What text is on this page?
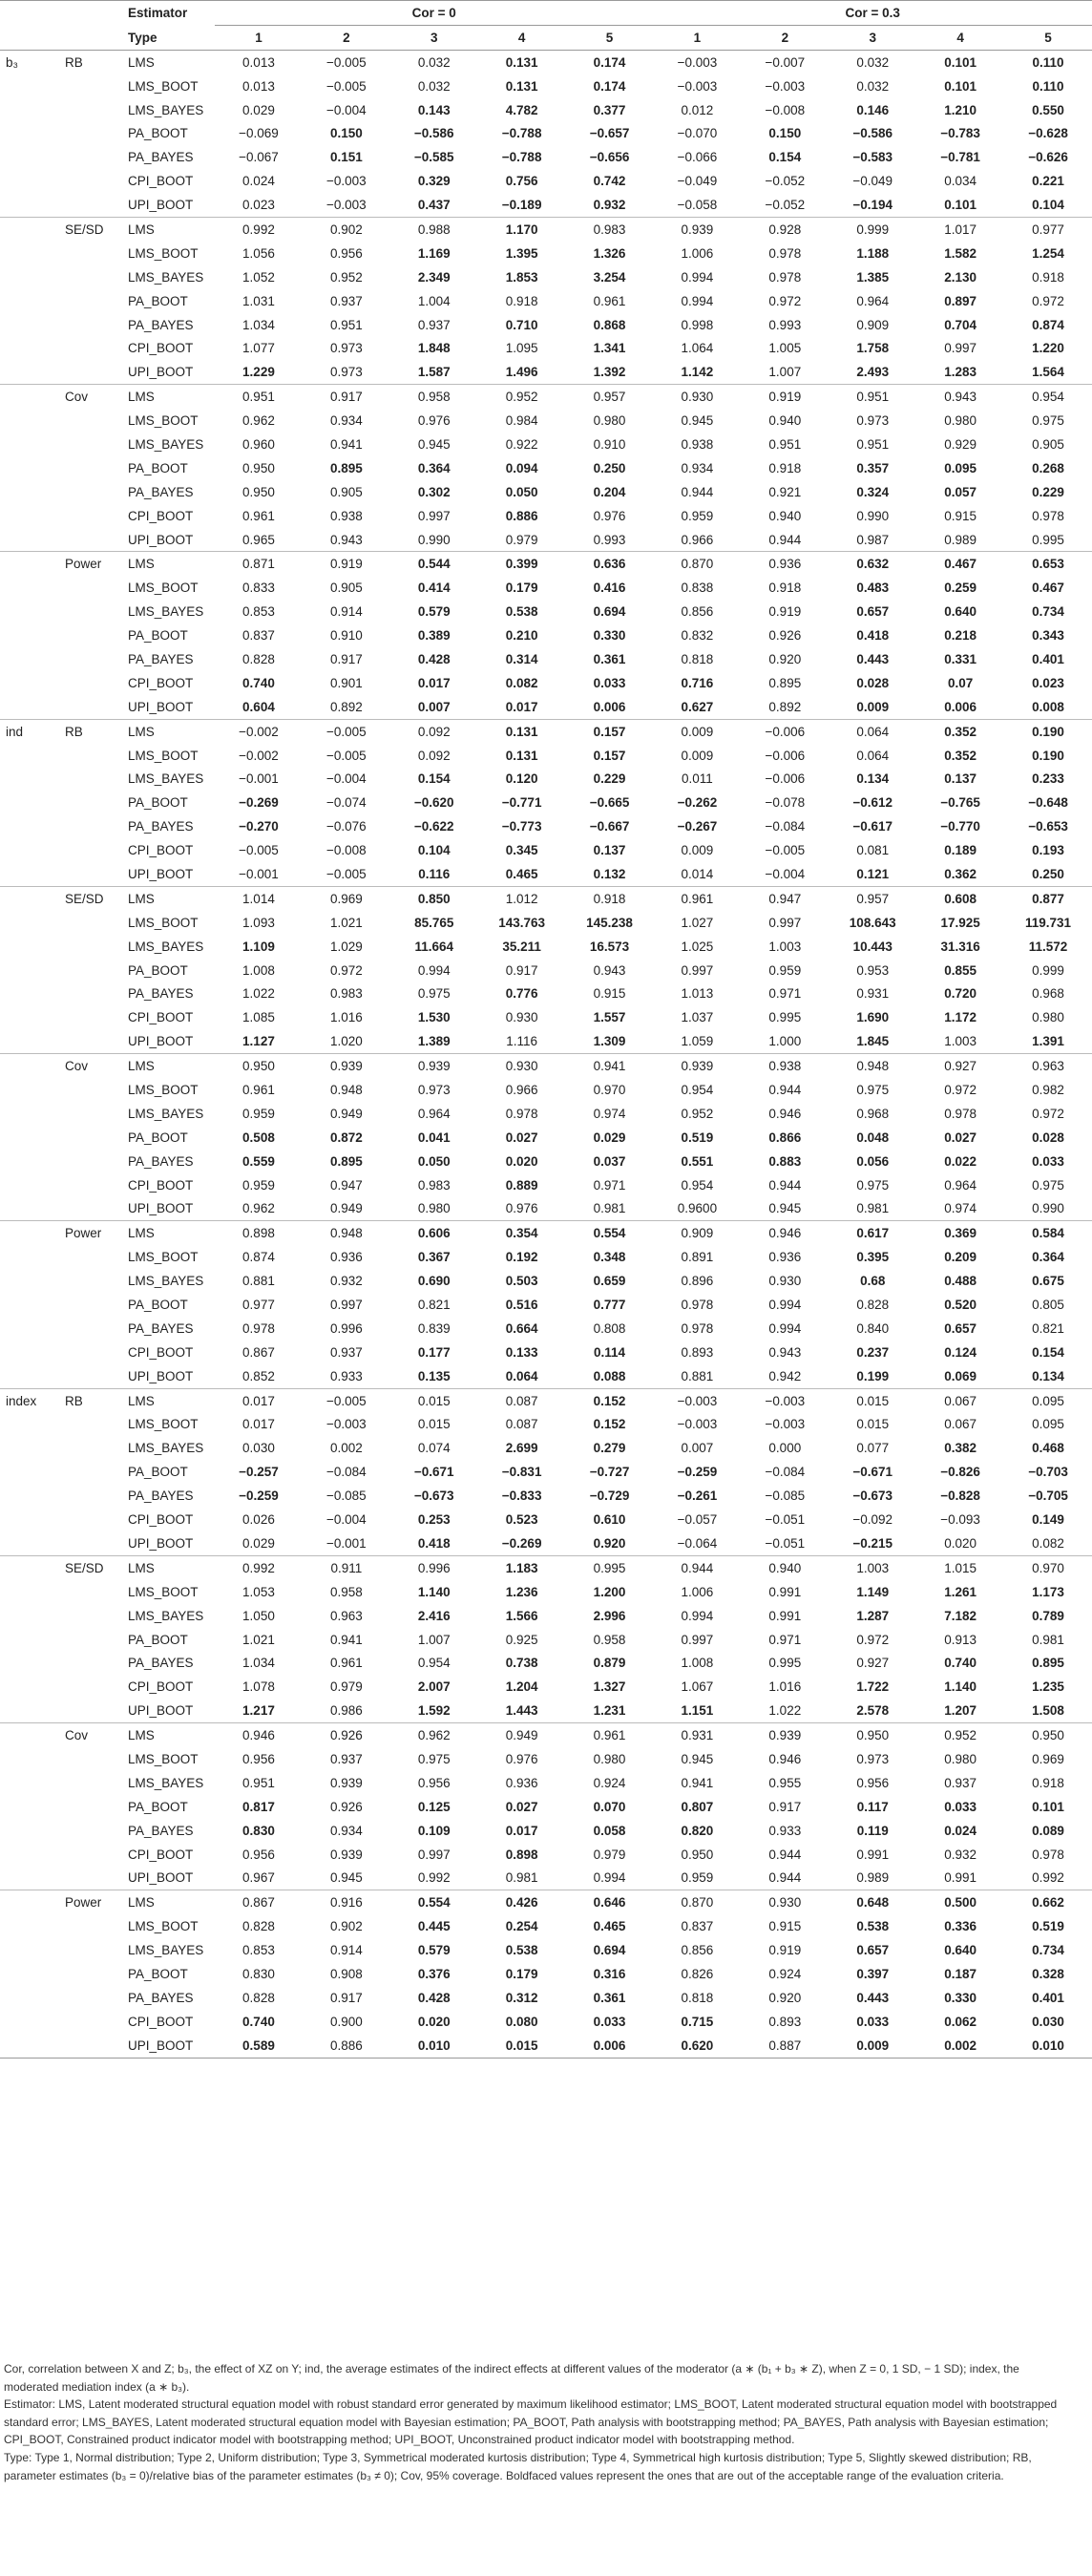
		Estimator	Cor = 0					Cor = 0.3				
		Type	1	2	3	4	5	1	2	3	4	5
b₃	RB	LMS	0.013	−0.005	0.032	0.131	0.174	−0.003	−0.007	0.032	0.101	0.110
		LMS_BOOT	0.013	−0.005	0.032	0.131	0.174	−0.003	−0.003	0.032	0.101	0.110
		LMS_BAYES	0.029	−0.004	0.143	4.782	0.377	0.012	−0.008	0.146	1.210	0.550
		PA_BOOT	−0.069	0.150	−0.586	−0.788	−0.657	−0.070	0.150	−0.586	−0.783	−0.628
		PA_BAYES	−0.067	0.151	−0.585	−0.788	−0.656	−0.066	0.154	−0.583	−0.781	−0.626
		CPI_BOOT	0.024	−0.003	0.329	0.756	0.742	−0.049	−0.052	−0.049	0.034	0.221
		UPI_BOOT	0.023	−0.003	0.437	−0.189	0.932	−0.058	−0.052	−0.194	0.101	0.104
	SE/SD	LMS	0.992	0.902	0.988	1.170	0.983	0.939	0.928	0.999	1.017	0.977
		LMS_BOOT	1.056	0.956	1.169	1.395	1.326	1.006	0.978	1.188	1.582	1.254
		LMS_BAYES	1.052	0.952	2.349	1.853	3.254	0.994	0.978	1.385	2.130	0.918
		PA_BOOT	1.031	0.937	1.004	0.918	0.961	0.994	0.972	0.964	0.897	0.972
		PA_BAYES	1.034	0.951	0.937	0.710	0.868	0.998	0.993	0.909	0.704	0.874
		CPI_BOOT	1.077	0.973	1.848	1.095	1.341	1.064	1.005	1.758	0.997	1.220
		UPI_BOOT	1.229	0.973	1.587	1.496	1.392	1.142	1.007	2.493	1.283	1.564
	Cov	LMS	0.951	0.917	0.958	0.952	0.957	0.930	0.919	0.951	0.943	0.954
		LMS_BOOT	0.962	0.934	0.976	0.984	0.980	0.945	0.940	0.973	0.980	0.975
		LMS_BAYES	0.960	0.941	0.945	0.922	0.910	0.938	0.951	0.951	0.929	0.905
		PA_BOOT	0.950	0.895	0.364	0.094	0.250	0.934	0.918	0.357	0.095	0.268
		PA_BAYES	0.950	0.905	0.302	0.050	0.204	0.944	0.921	0.324	0.057	0.229
		CPI_BOOT	0.961	0.938	0.997	0.886	0.976	0.959	0.940	0.990	0.915	0.978
		UPI_BOOT	0.965	0.943	0.990	0.979	0.993	0.966	0.944	0.987	0.989	0.995
	Power	LMS	0.871	0.919	0.544	0.399	0.636	0.870	0.936	0.632	0.467	0.653
		LMS_BOOT	0.833	0.905	0.414	0.179	0.416	0.838	0.918	0.483	0.259	0.467
		LMS_BAYES	0.853	0.914	0.579	0.538	0.694	0.856	0.919	0.657	0.640	0.734
		PA_BOOT	0.837	0.910	0.389	0.210	0.330	0.832	0.926	0.418	0.218	0.343
		PA_BAYES	0.828	0.917	0.428	0.314	0.361	0.818	0.920	0.443	0.331	0.401
		CPI_BOOT	0.740	0.901	0.017	0.082	0.033	0.716	0.895	0.028	0.07	0.023
		UPI_BOOT	0.604	0.892	0.007	0.017	0.006	0.627	0.892	0.009	0.006	0.008
ind	RB	LMS	−0.002	−0.005	0.092	0.131	0.157	0.009	−0.006	0.064	0.352	0.190
		LMS_BOOT	−0.002	−0.005	0.092	0.131	0.157	0.009	−0.006	0.064	0.352	0.190
		LMS_BAYES	−0.001	−0.004	0.154	0.120	0.229	0.011	−0.006	0.134	0.137	0.233
		PA_BOOT	−0.269	−0.074	−0.620	−0.771	−0.665	−0.262	−0.078	−0.612	−0.765	−0.648
		PA_BAYES	−0.270	−0.076	−0.622	−0.773	−0.667	−0.267	−0.084	−0.617	−0.770	−0.653
		CPI_BOOT	−0.005	−0.008	0.104	0.345	0.137	0.009	−0.005	0.081	0.189	0.193
		UPI_BOOT	−0.001	−0.005	0.116	0.465	0.132	0.014	−0.004	0.121	0.362	0.250
	SE/SD	LMS	1.014	0.969	0.850	1.012	0.918	0.961	0.947	0.957	0.608	0.877
		LMS_BOOT	1.093	1.021	85.765	143.763	145.238	1.027	0.997	108.643	17.925	119.731
		LMS_BAYES	1.109	1.029	11.664	35.211	16.573	1.025	1.003	10.443	31.316	11.572
		PA_BOOT	1.008	0.972	0.994	0.917	0.943	0.997	0.959	0.953	0.855	0.999
		PA_BAYES	1.022	0.983	0.975	0.776	0.915	1.013	0.971	0.931	0.720	0.968
		CPI_BOOT	1.085	1.016	1.530	0.930	1.557	1.037	0.995	1.690	1.172	0.980
		UPI_BOOT	1.127	1.020	1.389	1.116	1.309	1.059	1.000	1.845	1.003	1.391
	Cov	LMS	0.950	0.939	0.939	0.930	0.941	0.939	0.938	0.948	0.927	0.963
		LMS_BOOT	0.961	0.948	0.973	0.966	0.970	0.954	0.944	0.975	0.972	0.982
		LMS_BAYES	0.959	0.949	0.964	0.978	0.974	0.952	0.946	0.968	0.978	0.972
		PA_BOOT	0.508	0.872	0.041	0.027	0.029	0.519	0.866	0.048	0.027	0.028
		PA_BAYES	0.559	0.895	0.050	0.020	0.037	0.551	0.883	0.056	0.022	0.033
		CPI_BOOT	0.959	0.947	0.983	0.889	0.971	0.954	0.944	0.975	0.964	0.975
		UPI_BOOT	0.962	0.949	0.980	0.976	0.981	0.9600	0.945	0.981	0.974	0.990
	Power	LMS	0.898	0.948	0.606	0.354	0.554	0.909	0.946	0.617	0.369	0.584
		LMS_BOOT	0.874	0.936	0.367	0.192	0.348	0.891	0.936	0.395	0.209	0.364
		LMS_BAYES	0.881	0.932	0.690	0.503	0.659	0.896	0.930	0.68	0.488	0.675
		PA_BOOT	0.977	0.997	0.821	0.516	0.777	0.978	0.994	0.828	0.520	0.805
		PA_BAYES	0.978	0.996	0.839	0.664	0.808	0.978	0.994	0.840	0.657	0.821
		CPI_BOOT	0.867	0.937	0.177	0.133	0.114	0.893	0.943	0.237	0.124	0.154
		UPI_BOOT	0.852	0.933	0.135	0.064	0.088	0.881	0.942	0.199	0.069	0.134
index	RB	LMS	0.017	−0.005	0.015	0.087	0.152	−0.003	−0.003	0.015	0.067	0.095
		LMS_BOOT	0.017	−0.003	0.015	0.087	0.152	−0.003	−0.003	0.015	0.067	0.095
		LMS_BAYES	0.030	0.002	0.074	2.699	0.279	0.007	0.000	0.077	0.382	0.468
		PA_BOOT	−0.257	−0.084	−0.671	−0.831	−0.727	−0.259	−0.084	−0.671	−0.826	−0.703
		PA_BAYES	−0.259	−0.085	−0.673	−0.833	−0.729	−0.261	−0.085	−0.673	−0.828	−0.705
		CPI_BOOT	0.026	−0.004	0.253	0.523	0.610	−0.057	−0.051	−0.092	−0.093	0.149
		UPI_BOOT	0.029	−0.001	0.418	−0.269	0.920	−0.064	−0.051	−0.215	0.020	0.082
	SE/SD	LMS	0.992	0.911	0.996	1.183	0.995	0.944	0.940	1.003	1.015	0.970
		LMS_BOOT	1.053	0.958	1.140	1.236	1.200	1.006	0.991	1.149	1.261	1.173
		LMS_BAYES	1.050	0.963	2.416	1.566	2.996	0.994	0.991	1.287	7.182	0.789
		PA_BOOT	1.021	0.941	1.007	0.925	0.958	0.997	0.971	0.972	0.913	0.981
		PA_BAYES	1.034	0.961	0.954	0.738	0.879	1.008	0.995	0.927	0.740	0.895
		CPI_BOOT	1.078	0.979	2.007	1.204	1.327	1.067	1.016	1.722	1.140	1.235
		UPI_BOOT	1.217	0.986	1.592	1.443	1.231	1.151	1.022	2.578	1.207	1.508
	Cov	LMS	0.946	0.926	0.962	0.949	0.961	0.931	0.939	0.950	0.952	0.950
		LMS_BOOT	0.956	0.937	0.975	0.976	0.980	0.945	0.946	0.973	0.980	0.969
		LMS_BAYES	0.951	0.939	0.956	0.936	0.924	0.941	0.955	0.956	0.937	0.918
		PA_BOOT	0.817	0.926	0.125	0.027	0.070	0.807	0.917	0.117	0.033	0.101
		PA_BAYES	0.830	0.934	0.109	0.017	0.058	0.820	0.933	0.119	0.024	0.089
		CPI_BOOT	0.956	0.939	0.997	0.898	0.979	0.950	0.944	0.991	0.932	0.978
		UPI_BOOT	0.967	0.945	0.992	0.981	0.994	0.959	0.944	0.989	0.991	0.992
	Power	LMS	0.867	0.916	0.554	0.426	0.646	0.870	0.930	0.648	0.500	0.662
		LMS_BOOT	0.828	0.902	0.445	0.254	0.465	0.837	0.915	0.538	0.336	0.519
		LMS_BAYES	0.853	0.914	0.579	0.538	0.694	0.856	0.919	0.657	0.640	0.734
		PA_BOOT	0.830	0.908	0.376	0.179	0.316	0.826	0.924	0.397	0.187	0.328
		PA_BAYES	0.828	0.917	0.428	0.312	0.361	0.818	0.920	0.443	0.330	0.401
		CPI_BOOT	0.740	0.900	0.020	0.080	0.033	0.715	0.893	0.033	0.062	0.030
		UPI_BOOT	0.589	0.886	0.010	0.015	0.006	0.620	0.887	0.009	0.002	0.010

Cor, correlation between X and Z; b₃, the effect of XZ on Y; ind, the average estimates of the indirect effects at different values of the moderator (a ∗ (b₁ + b₃ ∗ Z), when Z = 0, 1 SD, − 1 SD); index, the moderated mediation index (a ∗ b₃).

Estimator: LMS, Latent moderated structural equation model with robust standard error generated by maximum likelihood estimator; LMS_BOOT, Latent moderated structural equation model with bootstrapped standard error; LMS_BAYES, Latent moderated structural equation model with Bayesian estimation; PA_BOOT, Path analysis with bootstrapping method; PA_BAYES, Path analysis with Bayesian estimation; CPI_BOOT, Constrained product indicator model with bootstrapping method; UPI_BOOT, Unconstrained product indicator model with bootstrapping method.

Type: Type 1, Normal distribution; Type 2, Uniform distribution; Type 3, Symmetrical moderated kurtosis distribution; Type 4, Symmetrical high kurtosis distribution; Type 5, Slightly skewed distribution; RB, parameter estimates (b₃ = 0)/relative bias of the parameter estimates (b₃ ≠ 0); Cov, 95% coverage. Boldfaced values represent the ones that are out of the acceptable range of the evaluation criteria.
